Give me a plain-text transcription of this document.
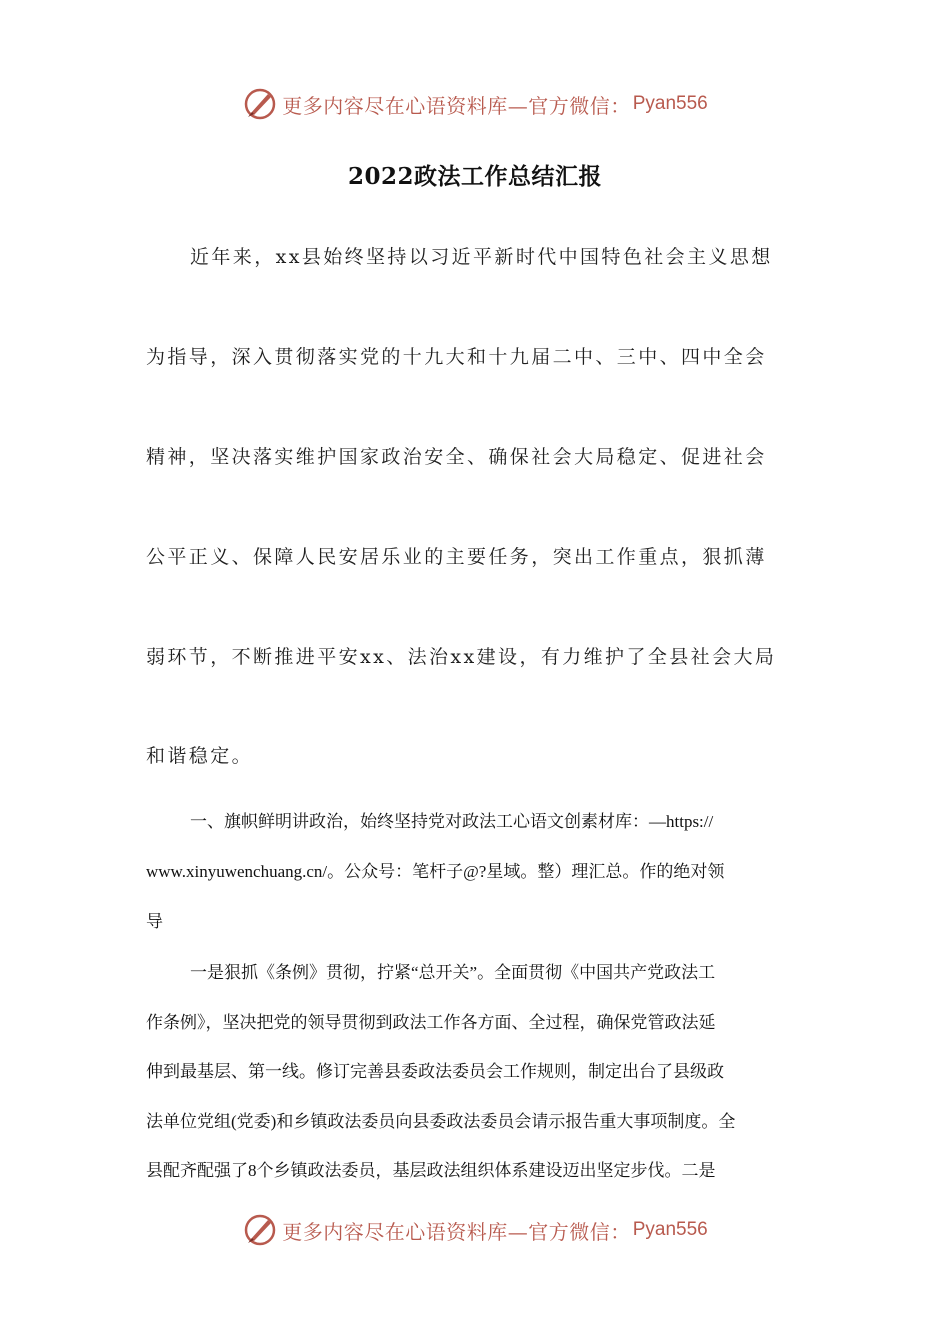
更多内容尽在心语资料库—官方微信： Pyan556
2022政法工作总结汇报
近年来，xx县始终坚持以习近平新时代中国特色社会主义思想
为指导，深入贯彻落实党的十九大和十九届二中、三中、四中全会
精神，坚决落实维护国家政治安全、确保社会大局稳定、促进社会
公平正义、保障人民安居乐业的主要任务，突出工作重点，狠抓薄
弱环节，不断推进平安xx、法治xx建设，有力维护了全县社会大局
和谐稳定。
一、旗帜鲜明讲政治，始终坚持党对政法工心语文创素材库：—https://
www.xinyuwenchuang.cn/。公众号：笔杆子@?星域。整）理汇总。作的绝对领
导
一是狠抓《条例》贯彻，拧紧“总开关”。全面贯彻《中国共产党政法工
作条例》，坚决把党的领导贯彻到政法工作各方面、全过程，确保党管政法延
伸到最基层、第一线。修订完善县委政法委员会工作规则，制定出台了县级政
法单位党组(党委)和乡镇政法委员向县委政法委员会请示报告重大事项制度。全
县配齐配强了8个乡镇政法委员，基层政法组织体系建设迈出坚定步伐。二是
更多内容尽在心语资料库—官方微信： Pyan556
